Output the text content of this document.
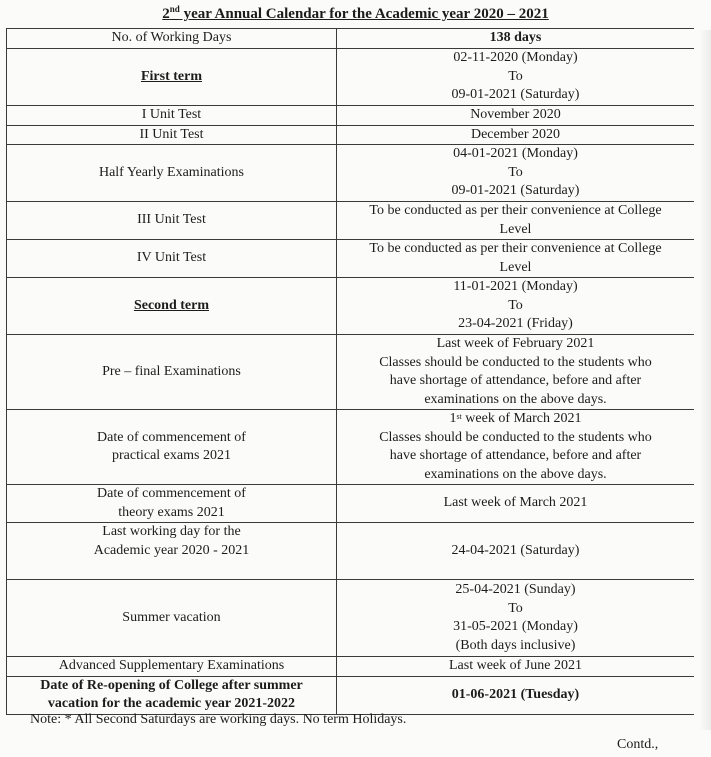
2nd year Annual Calendar for the Academic year 2020 – 2021
No. of Working Days	138 days
First term	02-11-2020 (Monday)
To
09-01-2021 (Saturday)

I Unit Test	November 2020
II Unit Test	December 2020
Half Yearly Examinations	04-01-2021 (Monday)
To
09-01-2021 (Saturday)

III Unit Test	To be conducted as per their convenience at College
Level

IV Unit Test	To be conducted as per their convenience at College
Level

Second term	11-01-2021 (Monday)
To
23-04-2021 (Friday)

Pre – final Examinations	Last week of February 2021
Classes should be conducted to the students who
have shortage of attendance, before and after
examinations on the above days.

Date of commencement of
practical exams 2021	1st week of March 2021
Classes should be conducted to the students who
have shortage of attendance, before and after
examinations on the above days.

Date of commencement of
theory exams 2021	Last week of March 2021

Last working day for the
Academic year 2020 - 2021	24-04-2021 (Saturday)
Summer vacation	25-04-2021 (Sunday)
To
31-05-2021 (Monday)
(Both days inclusive)

Advanced Supplementary Examinations	Last week of June 2021

Date of Re-opening of College after summer
vacation for the academic year 2021-2022	01-06-2021 (Tuesday)
Note: * All Second Saturdays are working days. No term Holidays.
Contd.,
